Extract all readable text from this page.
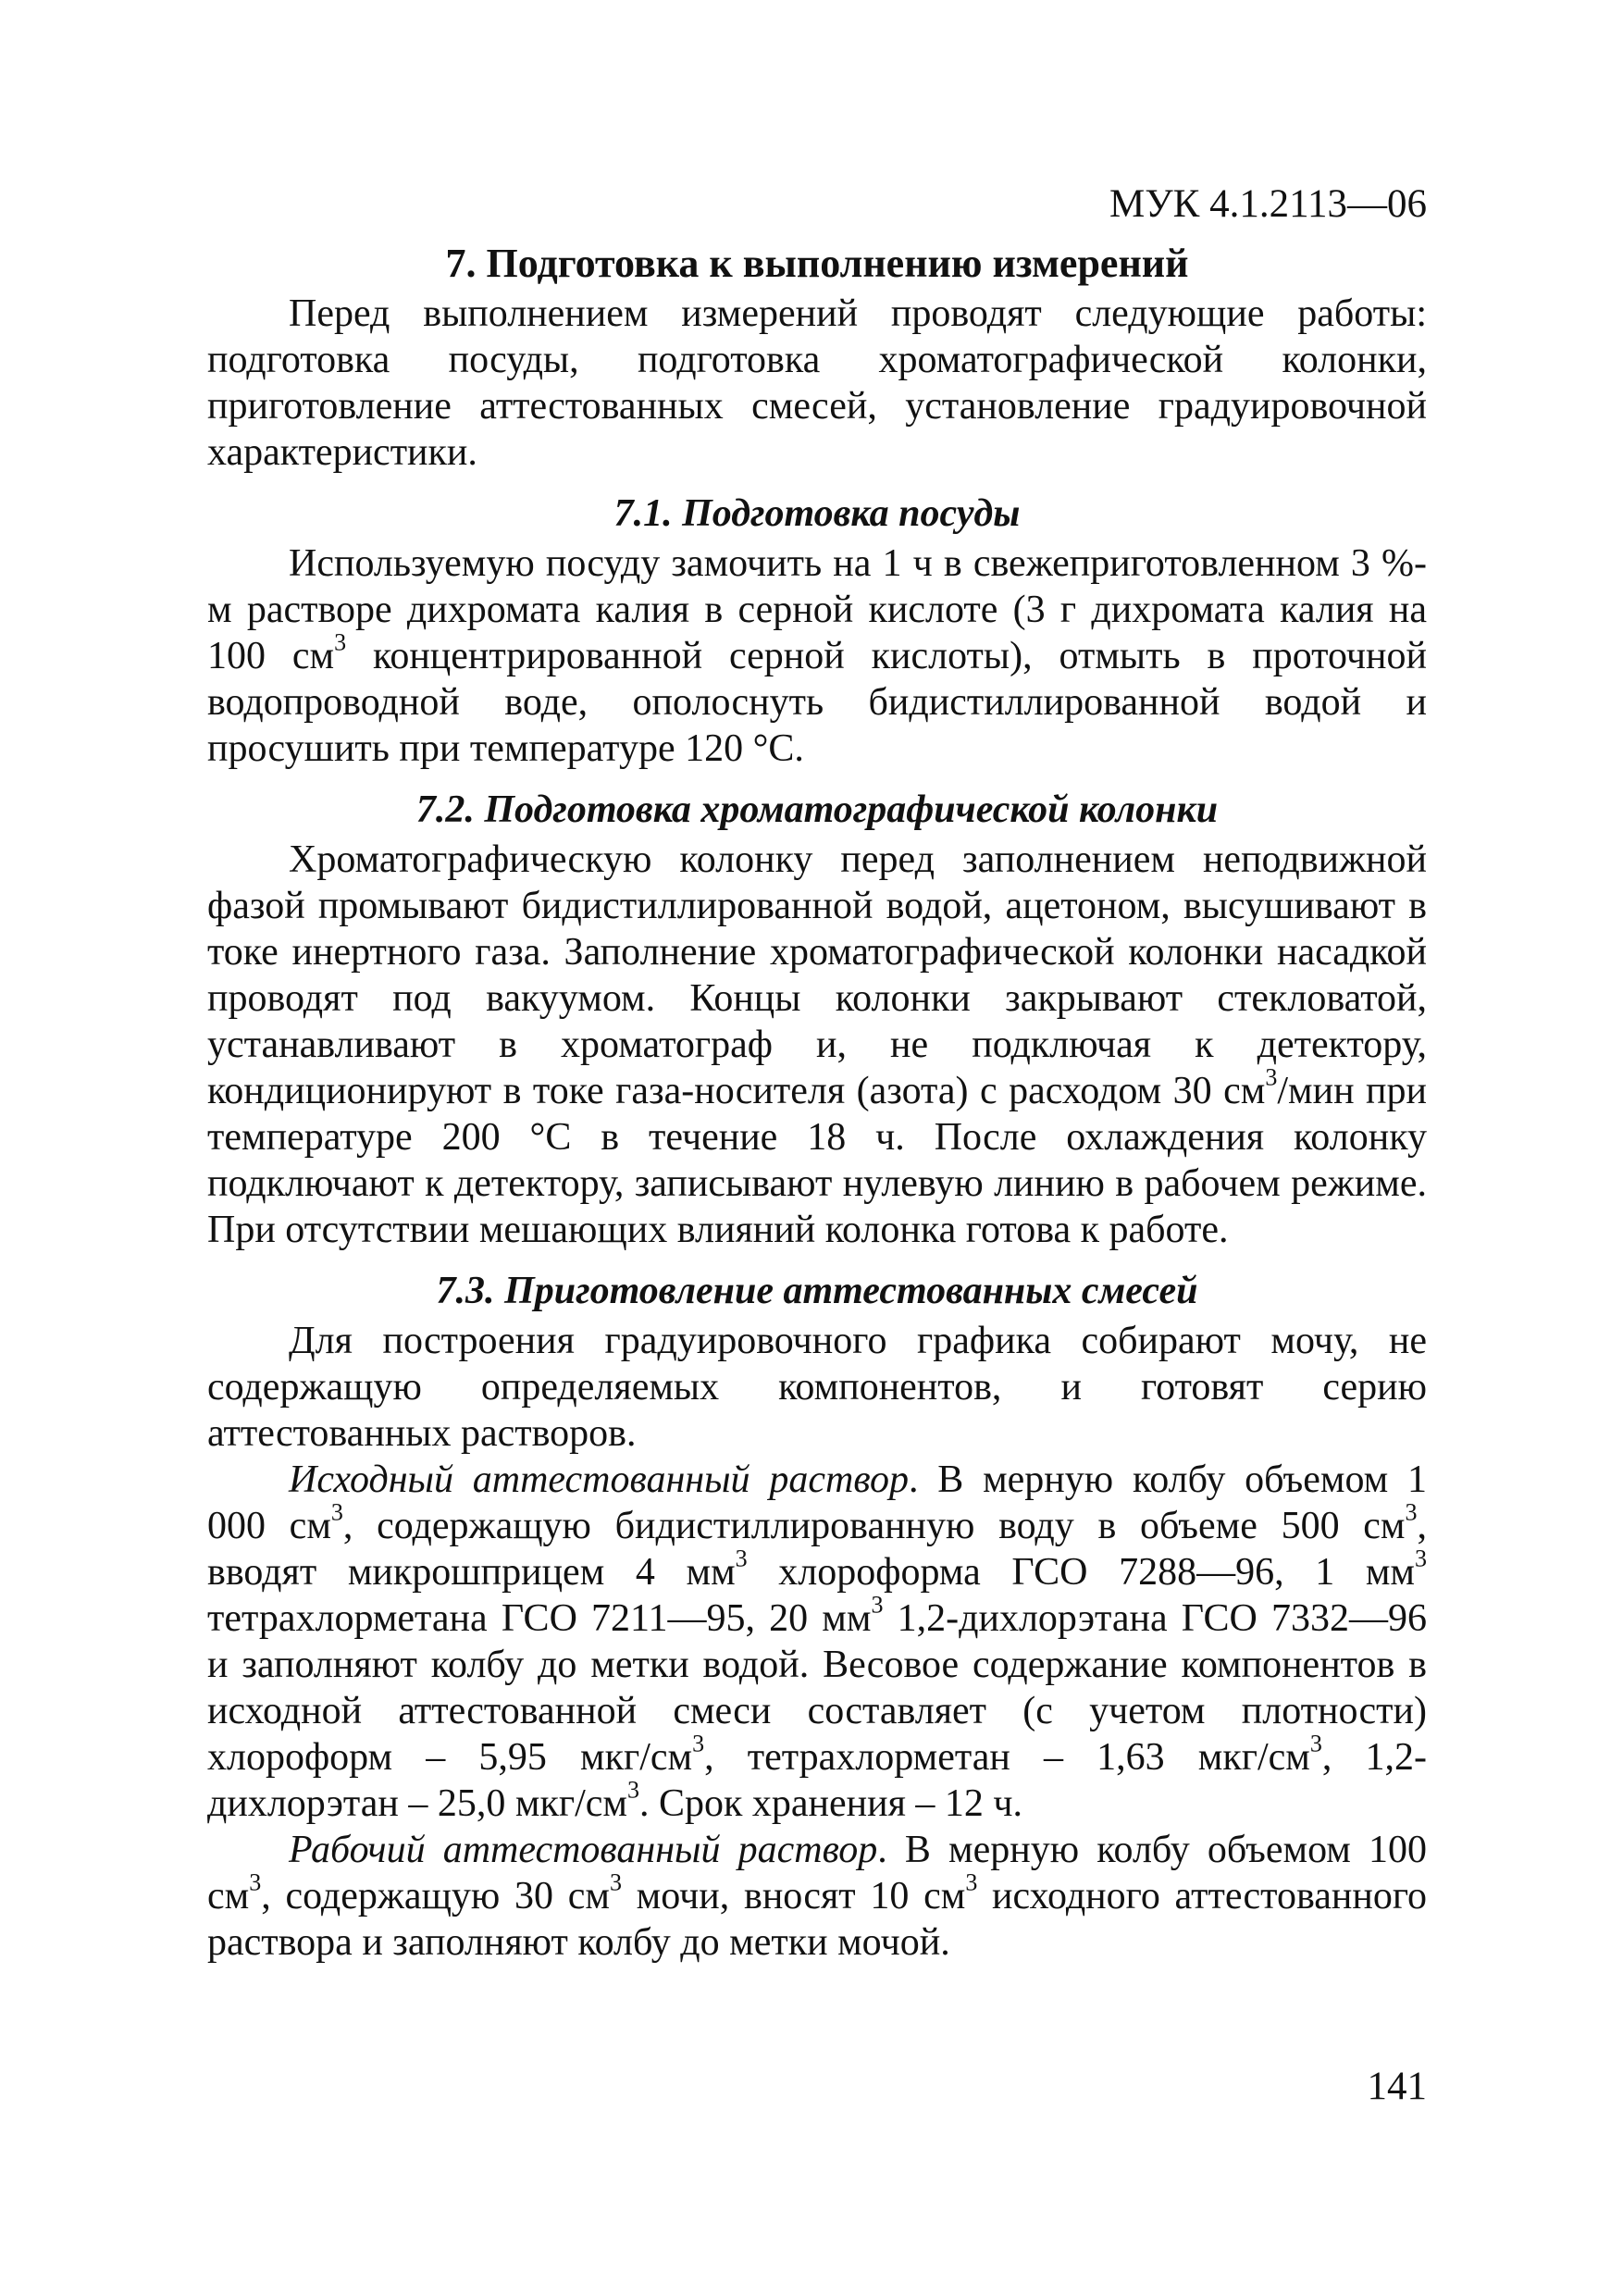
МУК 4.1.2113—06
7. Подготовка к выполнению измерений

Перед выполнением измерений проводят следующие работы: подготовка посуды, подготовка хроматографической колонки, приготовление аттестованных смесей, установление градуировочной характеристики.

7.1. Подготовка посуды

Используемую посуду замочить на 1 ч в свежеприготовленном 3 %-м растворе дихромата калия в серной кислоте (3 г дихромата калия на 100 $см^3$ концентрированной серной кислоты), отмыть в проточной водопроводной воде, ополоснуть бидистиллированной водой и просушить при температуре 120 °С.

7.2. Подготовка хроматографической колонки

Хроматографическую колонку перед заполнением неподвижной фазой промывают бидистиллированной водой, ацетоном, высушивают в токе инертного газа. Заполнение хроматографической колонки насадкой проводят под вакуумом. Концы колонки закрывают стекловатой, устанавливают в хроматограф и, не подключая к детектору, кондиционируют в токе газа-носителя (азота) с расходом 30 $см^3$/мин при температуре 200 °С в течение 18 ч. После охлаждения колонку подключают к детектору, записывают нулевую линию в рабочем режиме. При отсутствии мешающих влияний колонка готова к работе.

7.3. Приготовление аттестованных смесей

Для построения градуировочного графика собирают мочу, не содержащую определяемых компонентов, и готовят серию аттестованных растворов.

Исходный аттестованный раствор. В мерную колбу объемом 1 000 $см^3$, содержащую бидистиллированную воду в объеме 500 $см^3$, вводят микрошприцем 4 $мм^3$ хлороформа ГСО 7288—96, 1 $мм^3$ тетрахлорметана ГСО 7211—95, 20 $мм^3$ 1,2-дихлорэтана ГСО 7332—96 и заполняют колбу до метки водой. Весовое содержание компонентов в исходной аттестованной смеси составляет (с учетом плотности) хлороформ – 5,95 мкг/$см^3$, тетрахлорметан – 1,63 мкг/$см^3$, 1,2-дихлорэтан – 25,0 мкг/$см^3$. Срок хранения – 12 ч.

Рабочий аттестованный раствор. В мерную колбу объемом 100 $см^3$, содержащую 30 $см^3$ мочи, вносят 10 $см^3$ исходного аттестованного раствора и заполняют колбу до метки мочой.

141
